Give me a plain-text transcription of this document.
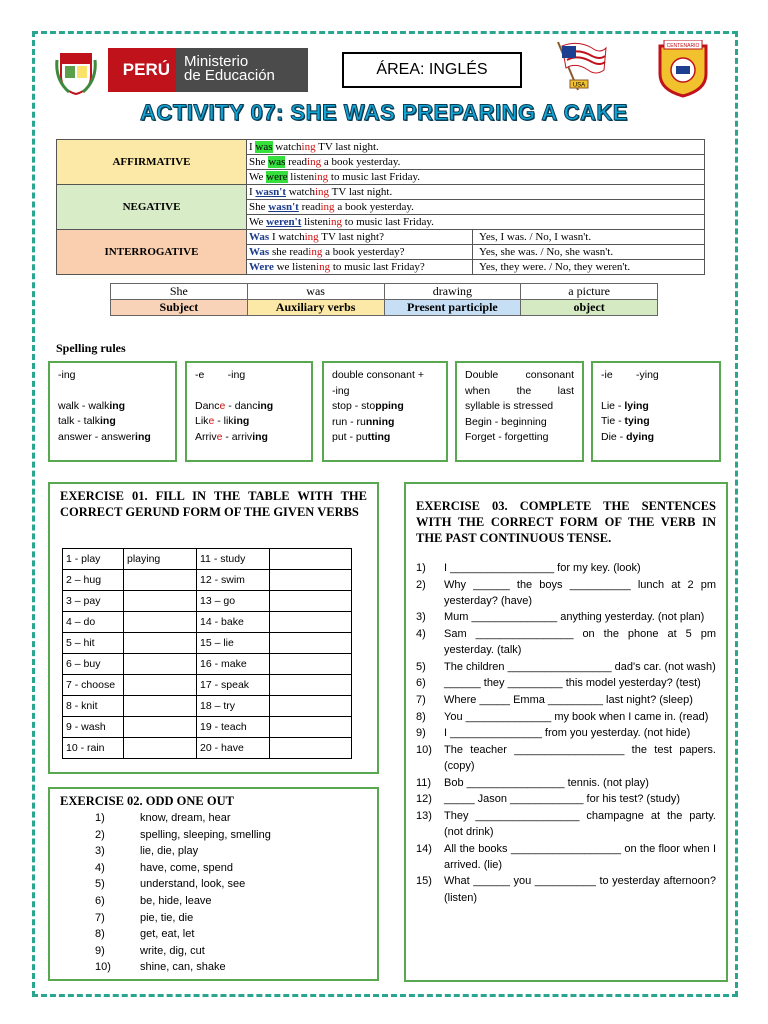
PERÚ Ministerio
de Educación	ÁREA: INGLÉS
USA
CENTENARIO
ACTIVITY 07: SHE WAS PREPARING A CAKE
AFFIRMATIVE	I was watching TV last night.	
	She was reading a book yesterday.	
	We were listening to music last Friday.	
NEGATIVE	I wasn't watching TV last night.	
	She wasn't reading a book yesterday.	
	We weren't listening to music last Friday.	
INTERROGATIVE	Was I watching TV last night?	Yes, I was. / No, I wasn't.
	Was she reading a book yesterday?	Yes, she was. / No, she wasn't.
	Were we listening to music last Friday?	Yes, they were. / No, they weren't.
She	was	drawing	a picture
Subject	Auxiliary verbs	Present participle	object
Spelling rules
-ing
walk - walking
talk - talking
answer - answering
-e        -ing
Dance - dancing
Like - liking
Arrive - arriving
double consonant +
-ing
stop - stopping
run - running
put - putting
Double consonant
when the last
syllable is stressed
Begin - beginning
Forget - forgetting
-ie        -ying
Lie - lying
Tie - tying
Die - dying
EXERCISE 01. FILL IN THE TABLE WITH THE CORRECT GERUND FORM OF THE GIVEN VERBS
1 - play	playing	11 - study	
2 – hug		12 - swim	
3 – pay		13 – go	
4 – do		14 - bake	
5 – hit		15 – lie	
6 – buy		16 - make	
7 - choose		17 - speak	
8 - knit		18 – try	
9 - wash		19 - teach	
10 - rain		20 - have	
EXERCISE 02. ODD ONE OUT
1)	know, dream, hear
2)	spelling, sleeping, smelling
3)	lie, die, play
4)	have, come, spend
5)	understand, look, see
6)	be, hide, leave
7)	pie, tie, die
8)	get, eat, let
9)	write, dig, cut
10)	shine, can, shake
EXERCISE 03. COMPLETE THE SENTENCES WITH THE CORRECT FORM OF THE VERB IN THE PAST CONTINUOUS TENSE.
1)	I _________________ for my key. (look)
2)	Why ______ the boys __________ lunch at 2 pm yesterday? (have)
3)	Mum ______________ anything yesterday. (not plan)
4)	Sam ________________ on the phone at 5 pm yesterday. (talk)
5)	The children _________________ dad's car. (not wash)
6)	______ they _________ this model yesterday? (test)
7)	Where _____ Emma _________ last night? (sleep)
8)	You ______________ my book when I came in. (read)
9)	I _______________ from you yesterday. (not hide)
10)	The teacher __________________ the test papers. (copy)
11)	Bob ________________ tennis. (not play)
12)	_____ Jason ____________ for his test? (study)
13)	They _________________ champagne at the party. (not drink)
14)	All the books __________________ on the floor when I arrived. (lie)
15)	What ______ you __________ to yesterday afternoon? (listen)
